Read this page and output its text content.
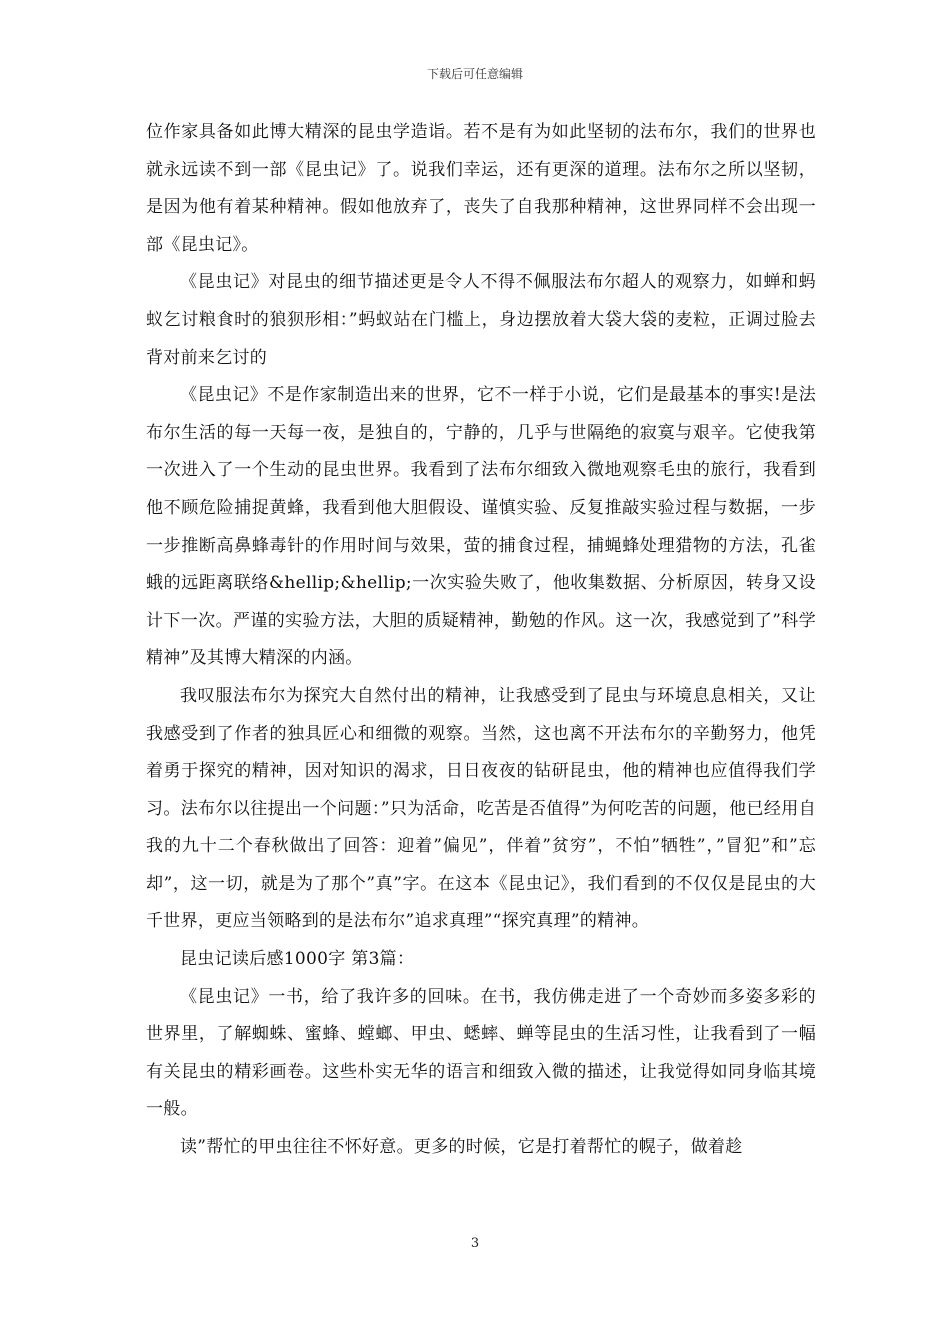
下载后可任意编辑

位作家具备如此博大精深的昆虫学造诣。若不是有为如此坚韧的法布尔，我们的世界也就永远读不到一部《昆虫记》了。说我们幸运，还有更深的道理。法布尔之所以坚韧，是因为他有着某种精神。假如他放弃了，丧失了自我那种精神，这世界同样不会出现一部《昆虫记》。

《昆虫记》对昆虫的细节描述更是令人不得不佩服法布尔超人的观察力，如蝉和蚂蚁乞讨粮食时的狼狈形相：”蚂蚁站在门槛上，身边摆放着大袋大袋的麦粒，正调过脸去背对前来乞讨的

《昆虫记》不是作家制造出来的世界，它不一样于小说，它们是最基本的事实!是法布尔生活的每一天每一夜，是独自的，宁静的，几乎与世隔绝的寂寞与艰辛。它使我第一次进入了一个生动的昆虫世界。我看到了法布尔细致入微地观察毛虫的旅行，我看到他不顾危险捕捉黄蜂，我看到他大胆假设、谨慎实验、反复推敲实验过程与数据，一步一步推断高鼻蜂毒针的作用时间与效果，萤的捕食过程，捕蝇蜂处理猎物的方法，孔雀蛾的远距离联络&hellip;&hellip;一次实验失败了，他收集数据、分析原因，转身又设计下一次。严谨的实验方法，大胆的质疑精神，勤勉的作风。这一次，我感觉到了”科学精神”及其博大精深的内涵。

我叹服法布尔为探究大自然付出的精神，让我感受到了昆虫与环境息息相关，又让我感受到了作者的独具匠心和细微的观察。当然，这也离不开法布尔的辛勤努力，他凭着勇于探究的精神，因对知识的渴求，日日夜夜的钻研昆虫，他的精神也应值得我们学习。法布尔以往提出一个问题：”只为活命，吃苦是否值得”为何吃苦的问题，他已经用自我的九十二个春秋做出了回答：迎着”偏见”，伴着”贫穷”，不怕”牺牲”，”冒犯”和”忘却”，这一切，就是为了那个”真”字。在这本《昆虫记》，我们看到的不仅仅是昆虫的大千世界，更应当领略到的是法布尔”追求真理”“探究真理”的精神。

昆虫记读后感1000字 第3篇：

《昆虫记》一书，给了我许多的回味。在书，我仿佛走进了一个奇妙而多姿多彩的世界里，了解蜘蛛、蜜蜂、螳螂、甲虫、蟋蟀、蝉等昆虫的生活习性，让我看到了一幅有关昆虫的精彩画卷。这些朴实无华的语言和细致入微的描述，让我觉得如同身临其境一般。

读”帮忙的甲虫往往不怀好意。更多的时候，它是打着帮忙的幌子，做着趁

3
